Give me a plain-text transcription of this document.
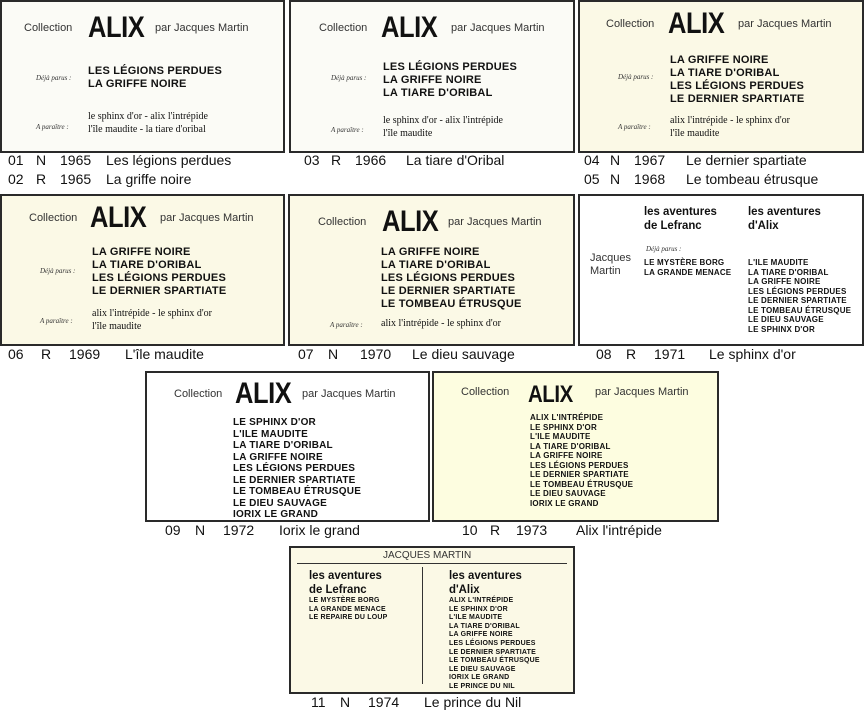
Collection ALIX par Jacques Martin
Déjà parus :
LES LÉGIONS PERDUES
LA GRIFFE NOIRE
A paraître :
le sphinx d'or - alix l'intrépide
l'île maudite - la tiare d'oribal
Collection ALIX par Jacques Martin
Déjà parus :
LES LÉGIONS PERDUES
LA GRIFFE NOIRE
LA TIARE D'ORIBAL
A paraître :
le sphinx d'or - alix l'intrépide
l'île maudite
Collection ALIX par Jacques Martin
Déjà parus :
LA GRIFFE NOIRE
LA TIARE D'ORIBAL
LES LÉGIONS PERDUES
LE DERNIER SPARTIATE
A paraître :
alix l'intrépide - le sphinx d'or
l'île maudite
01 N 1965 Les légions perdues
02 R 1965 La griffe noire
03 R 1966 La tiare d'Oribal	04 N 1967 Le dernier spartiate
05 N 1968 Le tombeau étrusque
Collection ALIX par Jacques Martin
Déjà parus :
LA GRIFFE NOIRE
LA TIARE D'ORIBAL
LES LÉGIONS PERDUES
LE DERNIER SPARTIATE
A paraître :
alix l'intrépide - le sphinx d'or
l'île maudite
Collection ALIX par Jacques Martin
LA GRIFFE NOIRE
LA TIARE D'ORIBAL
LES LÉGIONS PERDUES
LE DERNIER SPARTIATE
LE TOMBEAU ÉTRUSQUE
A paraître : alix l'intrépide - le sphinx d'or
les aventures
de Lefranc
les aventures
d'Alix
Jacques
Martin
Déjà parus :
LE MYSTÈRE BORG
LA GRANDE MENACE
L'ILE MAUDITE
LA TIARE D'ORIBAL
LA GRIFFE NOIRE
LES LÉGIONS PERDUES
LE DERNIER SPARTIATE
LE TOMBEAU ÉTRUSQUE
LE DIEU SAUVAGE
LE SPHINX D'OR
06 R 1969 L'île maudite	07 N 1970 Le dieu sauvage	08 R 1971 Le sphinx d'or
Collection ALIX par Jacques Martin
LE SPHINX D'OR
L'ILE MAUDITE
LA TIARE D'ORIBAL
LA GRIFFE NOIRE
LES LÉGIONS PERDUES
LE DERNIER SPARTIATE
LE TOMBEAU ÉTRUSQUE
LE DIEU SAUVAGE
IORIX LE GRAND
Collection ALIX par Jacques Martin
ALIX L'INTRÉPIDE
LE SPHINX D'OR
L'ILE MAUDITE
LA TIARE D'ORIBAL
LA GRIFFE NOIRE
LES LÉGIONS PERDUES
LE DERNIER SPARTIATE
LE TOMBEAU ÉTRUSQUE
LE DIEU SAUVAGE
IORIX LE GRAND
09 N 1972 Iorix le grand	10 R 1973 Alix l'intrépide
JACQUES MARTIN
les aventures
de Lefranc
les aventures
d'Alix
LE MYSTÈRE BORG
LA GRANDE MENACE
LE REPAIRE DU LOUP
ALIX L'INTRÉPIDE
LE SPHINX D'OR
L'ILE MAUDITE
LA TIARE D'ORIBAL
LA GRIFFE NOIRE
LES LÉGIONS PERDUES
LE DERNIER SPARTIATE
LE TOMBEAU ÉTRUSQUE
LE DIEU SAUVAGE
IORIX LE GRAND
LE PRINCE DU NIL
11 N 1974 Le prince du Nil
